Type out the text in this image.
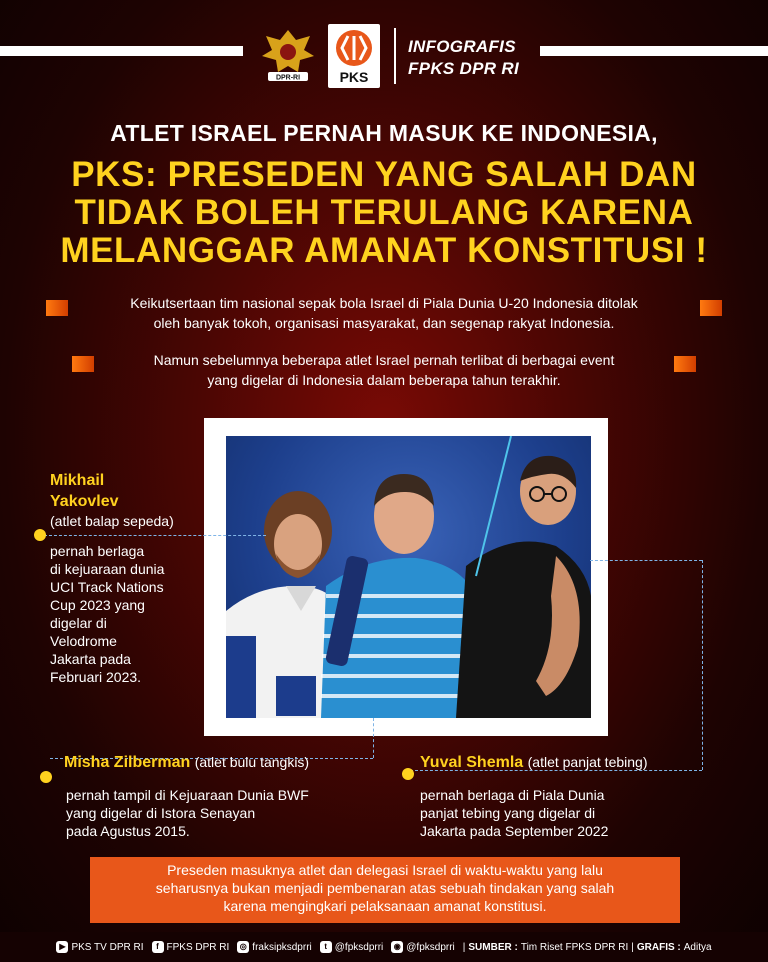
DPR-RI	PKS
INFOGRAFIS
FPKS DPR RI
ATLET ISRAEL PERNAH MASUK KE INDONESIA,
PKS: PRESEDEN YANG SALAH DAN
TIDAK BOLEH TERULANG KARENA
MELANGGAR AMANAT KONSTITUSI !
Keikutsertaan tim nasional sepak bola Israel di Piala Dunia U-20 Indonesia ditolak
oleh banyak tokoh, organisasi masyarakat, dan segenap rakyat Indonesia.
Namun sebelumnya beberapa atlet Israel pernah terlibat di berbagai event
yang digelar di Indonesia dalam beberapa tahun terakhir.
Mikhail
Yakovlev
(atlet balap sepeda)
pernah berlaga
di kejuaraan dunia
UCI Track Nations
Cup 2023 yang
digelar di
Velodrome
Jakarta pada
Februari 2023.
Misha Zilberman (atlet bulu tangkis)
pernah tampil di Kejuaraan Dunia BWF
yang digelar di Istora Senayan
pada Agustus 2015.
Yuval Shemla (atlet panjat tebing)
pernah berlaga di Piala Dunia
panjat tebing yang digelar di
Jakarta pada September 2022
Preseden masuknya atlet dan delegasi Israel di waktu-waktu yang lalu
seharusnya bukan menjadi pembenaran atas sebuah tindakan yang salah
karena mengingkari pelaksanaan amanat konstitusi.
▶ PKS TV DPR RI	f FPKS DPR RI	◎ fraksipksdprri	t @fpksdprri	◉ @fpksdprri | SUMBER : Tim Riset FPKS DPR RI | GRAFIS : Aditya
